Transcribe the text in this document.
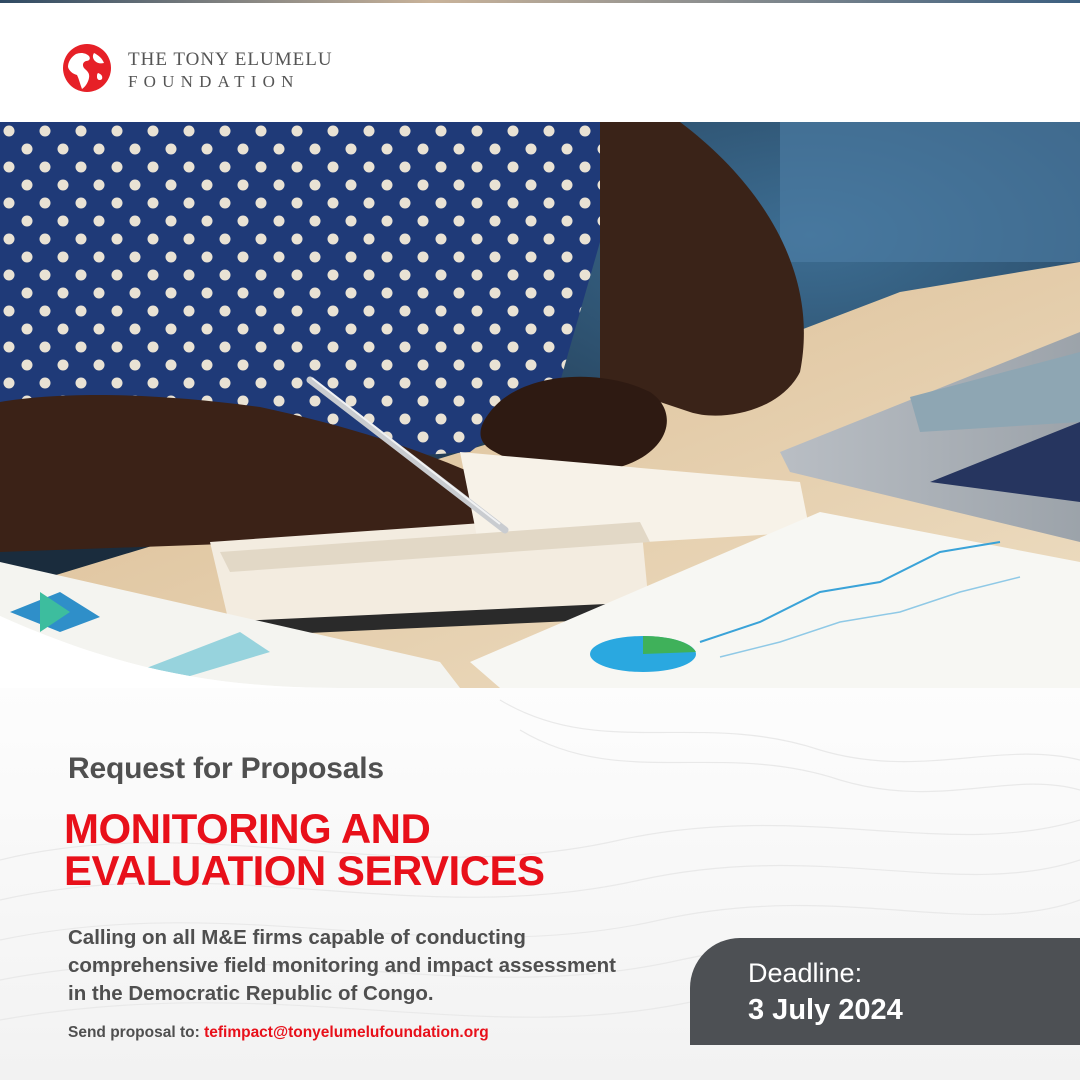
THE TONY ELUMELU
FOUNDATION
Request for Proposals
MONITORING AND
EVALUATION SERVICES
Calling on all M&E firms capable of conducting comprehensive field monitoring and impact assessment in the Democratic Republic of Congo.
Send proposal to: tefimpact@tonyelumelufoundation.org
Deadline:
3 July 2024
